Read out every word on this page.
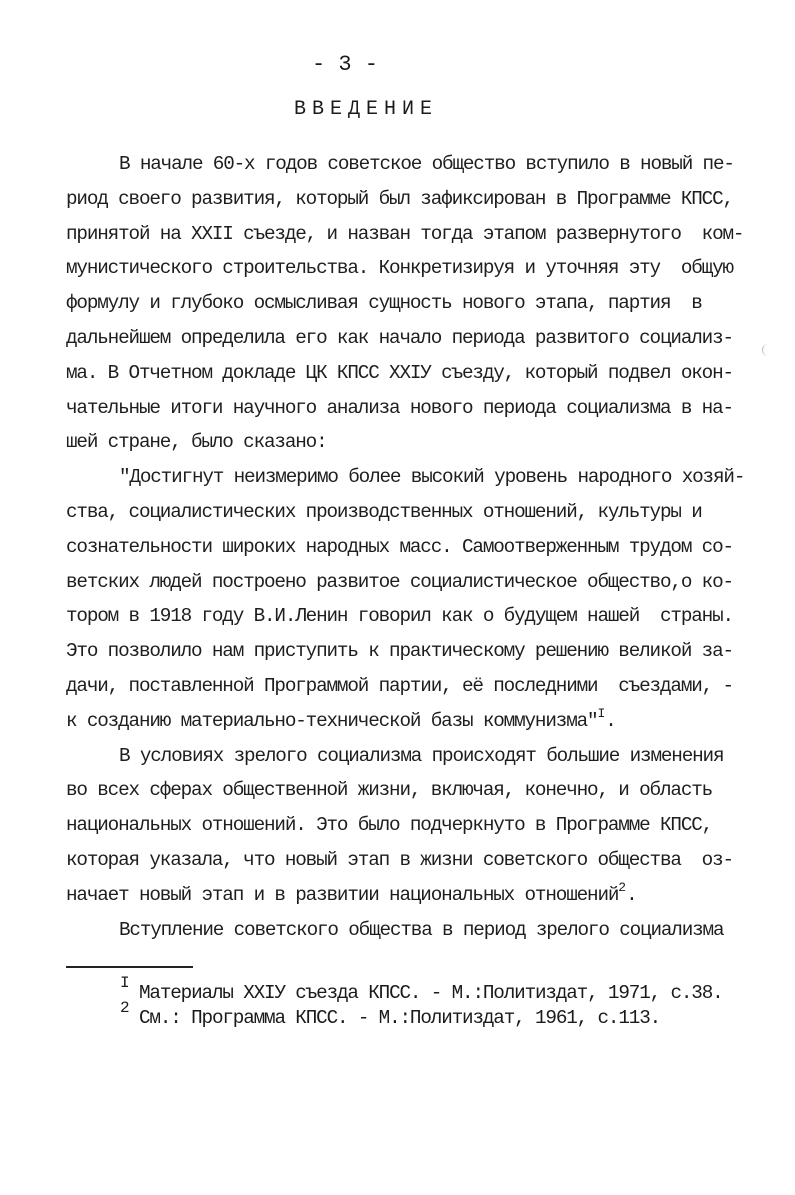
- 3 -
ВВЕДЕНИЕ
В начале 60-х годов советское общество вступило в новый пе-
риод своего развития, который был зафиксирован в Программе КПСС,
принятой на XXII съезде, и назван тогда этапом развернутого  ком-
мунистического строительства. Конкретизируя и уточняя эту  общую
формулу и глубоко осмысливая сущность нового этапа, партия  в
дальнейшем определила его как начало периода развитого социализ-
ма. В Отчетном докладе ЦК КПСС XXIУ съезду, который подвел окон-
чательные итоги научного анализа нового периода социализма в на-
шей стране, было сказано:
"Достигнут неизмеримо более высокий уровень народного хозяй-
ства, социалистических производственных отношений, культуры и
сознательности широких народных масс. Самоотверженным трудом со-
ветских людей построено развитое социалистическое общество,о ко-
тором в 1918 году В.И.Ленин говорил как о будущем нашей  страны.
Это позволило нам приступить к практическому решению великой за-
дачи, поставленной Программой партии, её последними  съездами, -
к созданию материально-технической базы коммунизма"$^I$.
В условиях зрелого социализма происходят большие изменения
во всех сферах общественной жизни, включая, конечно, и область
национальных отношений. Это было подчеркнуто в Программе КПСС,
которая указала, что новый этап в жизни советского общества  оз-
начает новый этап и в развитии национальных отношений$^2$.
Вступление советского общества в период зрелого социализма
I Материалы XXIУ съезда КПСС. - М.:Политиздат, 1971, с.38.
2 См.: Программа КПСС. - М.:Политиздат, 1961, с.113.
